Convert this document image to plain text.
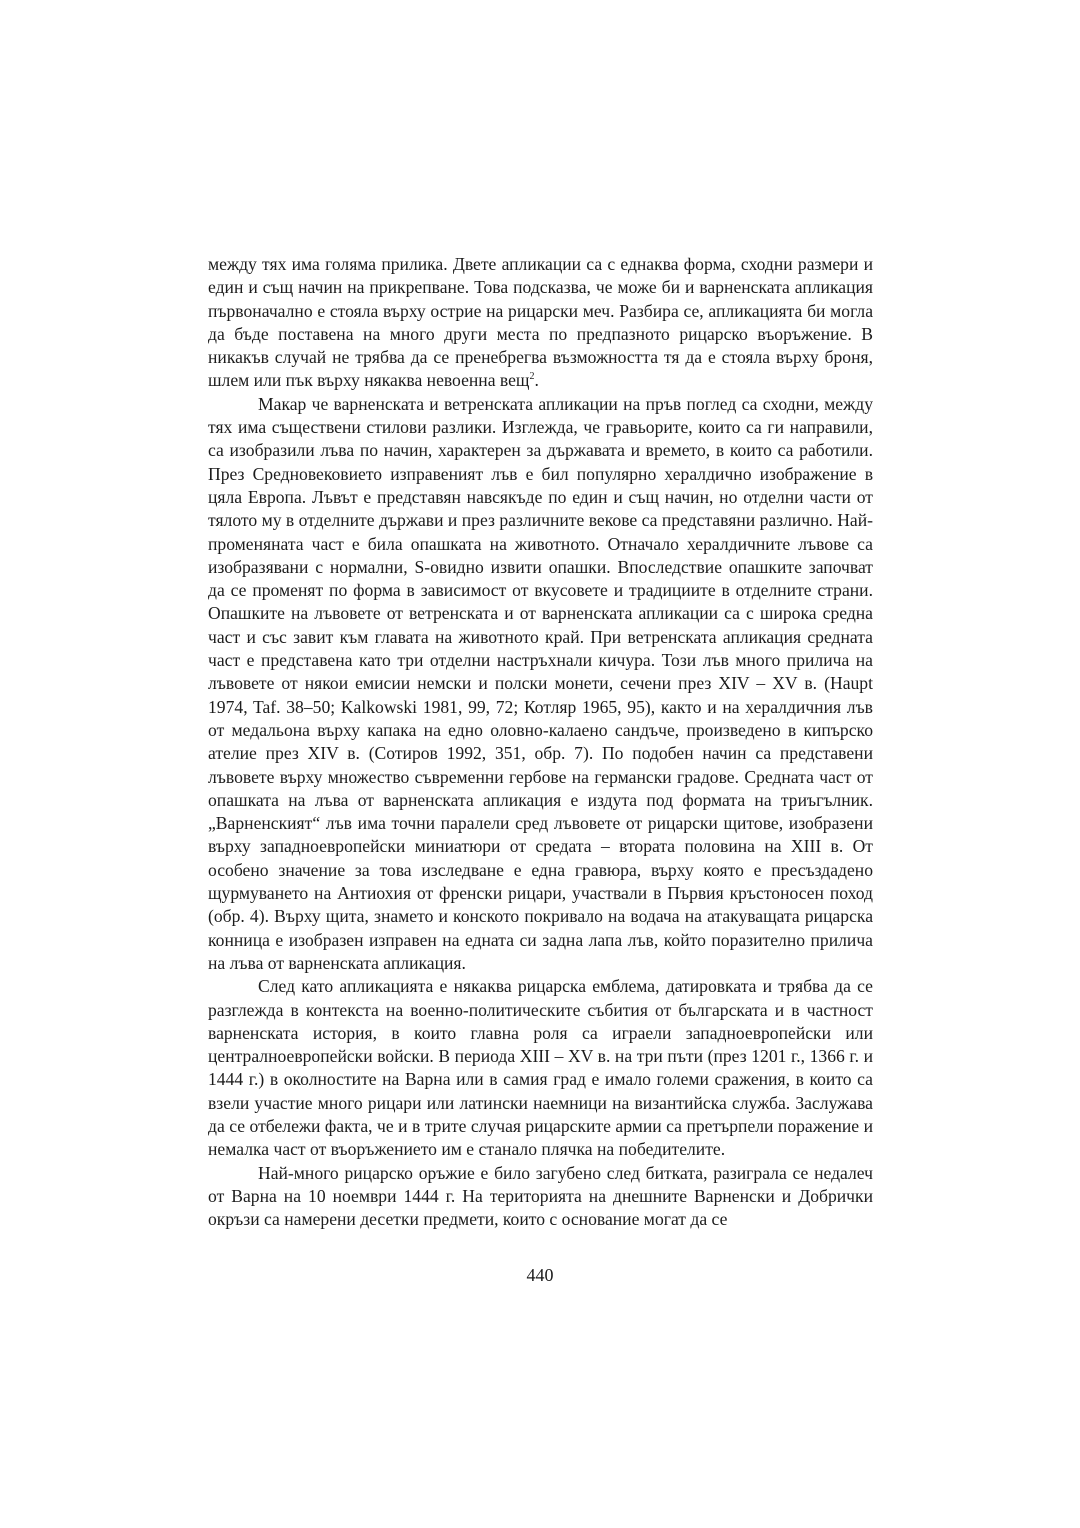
между тях има голяма прилика. Двете апликации са с еднаква форма, сходни размери и един и същ начин на прикрепване. Това подсказва, че може би и варненската апликация първоначално е стояла върху острие на рицарски меч. Разбира се, апликацията би могла да бъде поставена на много други места по предпазното рицарско въоръжение. В никакъв случай не трябва да се пренебрегва възможността тя да е стояла върху броня, шлем или пък върху някаква невоенна вещ$^2$.

Макар че варненската и ветренската апликации на пръв поглед са сходни, между тях има съществени стилови разлики. Изглежда, че гравьорите, които са ги направили, са изобразили лъва по начин, характерен за държавата и времето, в които са работили. През Средновековието изправеният лъв е бил популярно хералдично изображение в цяла Европа. Лъвът е представян навсякъде по един и същ начин, но отделни части от тялото му в отделните държави и през различните векове са представяни различно. Най-променяната част е била опашката на животното. Отначало хералдичните лъвове са изобразявани с нормални, S-овидно извити опашки. Впоследствие опашките започват да се променят по форма в зависимост от вкусовете и традициите в отделните страни. Опашките на лъвовете от ветренската и от варненската апликации са с широка средна част и със завит към главата на животното край. При ветренската апликация средната част е представена като три отделни настръхнали кичура. Този лъв много прилича на лъвовете от някои емисии немски и полски монети, сечени през XIV – XV в. (Haupt 1974, Taf. 38–50; Kalkowski 1981, 99, 72; Котляр 1965, 95), както и на хералдичния лъв от медальона върху капака на едно оловно-калаено сандъче, произведено в кипърско ателие през XIV в. (Сотиров 1992, 351, обр. 7). По подобен начин са представени лъвовете върху множество съвременни гербове на германски градове. Средната част от опашката на лъва от варненската апликация е издута под формата на триъгълник. „Варненският“ лъв има точни паралели сред лъвовете от рицарски щитове, изобразени върху западноевропейски миниатюри от средата – втората половина на XIII в. От особено значение за това изследване е една гравюра, върху която е пресъздадено щурмуването на Антиохия от френски рицари, участвали в Първия кръстоносен поход (обр. 4). Върху щита, знамето и конското покривало на водача на атакуващата рицарска конница е изобразен изправен на едната си задна лапа лъв, който поразително прилича на лъва от варненската апликация.

След като апликацията е някаква рицарска емблема, датировката и трябва да се разглежда в контекста на военно-политическите събития от българската и в частност варненската история, в които главна роля са играели западноевропейски или централноевропейски войски. В периода XIII – XV в. на три пъти (през 1201 г., 1366 г. и 1444 г.) в околностите на Варна или в самия град е имало големи сражения, в които са взели участие много рицари или латински наемници на византийска служба. Заслужава да се отбележи факта, че и в трите случая рицарските армии са претърпели поражение и немалка част от въоръжението им е станало плячка на победителите.

Най-много рицарско оръжие е било загубено след битката, разиграла се недалеч от Варна на 10 ноември 1444 г. На територията на днешните Варненски и Добрички окръзи са намерени десетки предмети, които с основание могат да се

440
